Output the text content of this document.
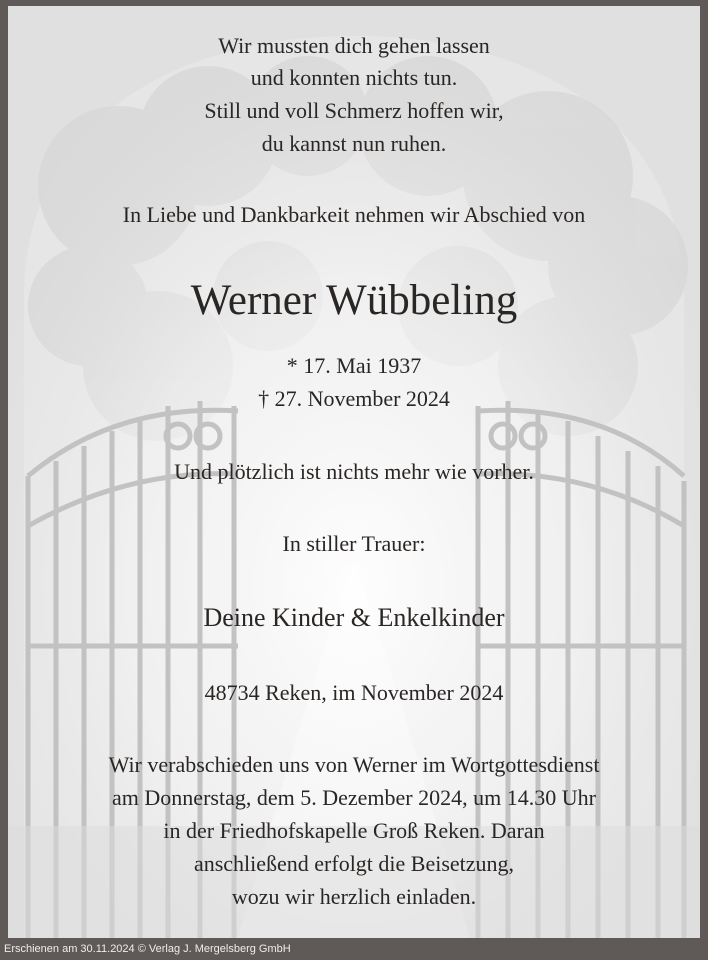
Wir mussten dich gehen lassen
und konnten nichts tun.
Still und voll Schmerz hoffen wir,
du kannst nun ruhen.
In Liebe und Dankbarkeit nehmen wir Abschied von
Werner Wübbeling
* 17. Mai 1937
† 27. November 2024
Und plötzlich ist nichts mehr wie vorher.
In stiller Trauer:
Deine Kinder & Enkelkinder
48734 Reken, im November 2024
Wir verabschieden uns von Werner im Wortgottesdienst
am Donnerstag, dem 5. Dezember 2024, um 14.30 Uhr
in der Friedhofskapelle Groß Reken. Daran
anschließend erfolgt die Beisetzung,
wozu wir herzlich einladen.
Erschienen am 30.11.2024 © Verlag J. Mergelsberg GmbH
